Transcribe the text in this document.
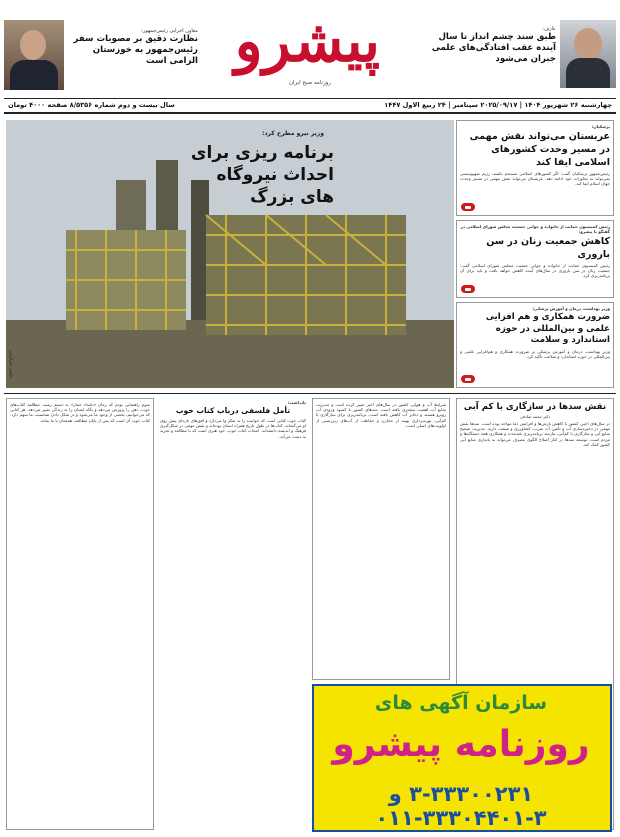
عارف:
طبق سند چشم انداز تا سال آینده عقب افتادگی‌های علمی جبران می‌شود
پیشرو
روزنامه صبح ایران
معاون اجرایی رئیس‌جمهور:
نظارت دقیق بر مصوبات سفر رئیس‌جمهور به خوزستان الزامی است
چهارشنبه ۲۶ شهریور ۱۴۰۴ | ۲۰۲۵/۰۹/۱۷ سپتامبر | ۲۴ ربیع الاول ۱۴۴۷
سال بیست و دوم شماره ۸/۵۳۵۶ صفحه ۴۰۰۰ تومان
وزیر نیرو مطرح کرد:
برنامه ریزی برای احداث نیروگاه های بزرگ
عکس: خبرگزاری
پزشکیان:
عربستان می‌تواند نقش مهمی در مسیر وحدت کشورهای اسلامی ایفا کند
رئیس‌جمهور پزشکیان گفت: اگر کشورهای اسلامی منسجم باشند، رژیم صهیونیستی نمی‌تواند به تجاوزات خود ادامه دهد. عربستان می‌تواند نقش مهمی در مسیر وحدت جهان اسلام ایفا کند.
رئیس کمیسیون حمایت از خانواده و جوانی جمعیت مجلس شورای اسلامی در گفتگو با پیشرو:
کاهش جمعیت زنان در سن باروری
رئیس کمیسیون حمایت از خانواده و جوانی جمعیت مجلس شورای اسلامی گفت: جمعیت زنان در سن باروری در سال‌های آینده کاهش خواهد یافت و باید برای آن برنامه‌ریزی کرد.
وزیر بهداشت، درمان و آموزش پزشکی:
ضرورت همکاری و هم افزایی علمی و بین‌المللی در حوزه استاندارد و سلامت
وزیر بهداشت، درمان و آموزش پزشکی بر ضرورت همکاری و هم‌افزایی علمی و بین‌المللی در حوزه استاندارد و سلامت تأکید کرد.
نقش سدها در سازگاری با کم آبی
دکتر محمد صادقی
در سال‌های اخیر، کشور با کاهش بارش‌ها و افزایش دما مواجه بوده است. سدها نقش مهمی در ذخیره‌سازی آب و تأمین آب شرب، کشاورزی و صنعت دارند. مدیریت صحیح منابع آبی و سازگاری با کم‌آبی، نیازمند برنامه‌ریزی بلندمدت و همکاری همه دستگاه‌ها و مردم است. توسعه سدها در کنار اصلاح الگوی مصرف می‌تواند به پایداری منابع آبی کشور کمک کند.
شرایط آب و هوایی کشور در سال‌های اخیر تغییر کرده است و مدیریت منابع آب اهمیت بیشتری یافته است. سدهای کشور با کمبود ورودی آب روبرو هستند و ذخایر آب کاهش یافته است. برنامه‌ریزی برای سازگاری با کم‌آبی، بهره‌برداری بهینه از مخازن و حفاظت از آب‌های زیرزمینی از اولویت‌های اصلی است.
یادداشت:
تأمل فلسفی درباب کتاب خوب
کتاب خوب کتابی است که خواننده را به تفکر وا می‌دارد و افق‌های تازه‌ای پیش روی او می‌گشاید. کتاب‌ها در طول تاریخ همراه انسان بوده‌اند و نقش مهمی در شکل‌گیری فرهنگ و اندیشه داشته‌اند. انتخاب کتاب خوب، خود هنری است که با مطالعه و تجربه به دست می‌آید.
سوم راهنمایی بودم که رمان «بامداد خمار» به دستم رسید. مطالعه کتاب‌های خوب، ذهن را پرورش می‌دهد و نگاه انسان را به زندگی تغییر می‌دهد. هر کتابی که می‌خوانیم، بخشی از وجود ما می‌شود و در شکل دادن شخصیت ما سهم دارد. کتاب خوب آن است که پس از پایان مطالعه، همچنان با ما بماند.
سازمان آگهی های
روزنامه پیشرو
۳-۳۳۳۰۰۲۳۱ و ۳-۳۳۳۰۴۴۰۱-۰۱۱
